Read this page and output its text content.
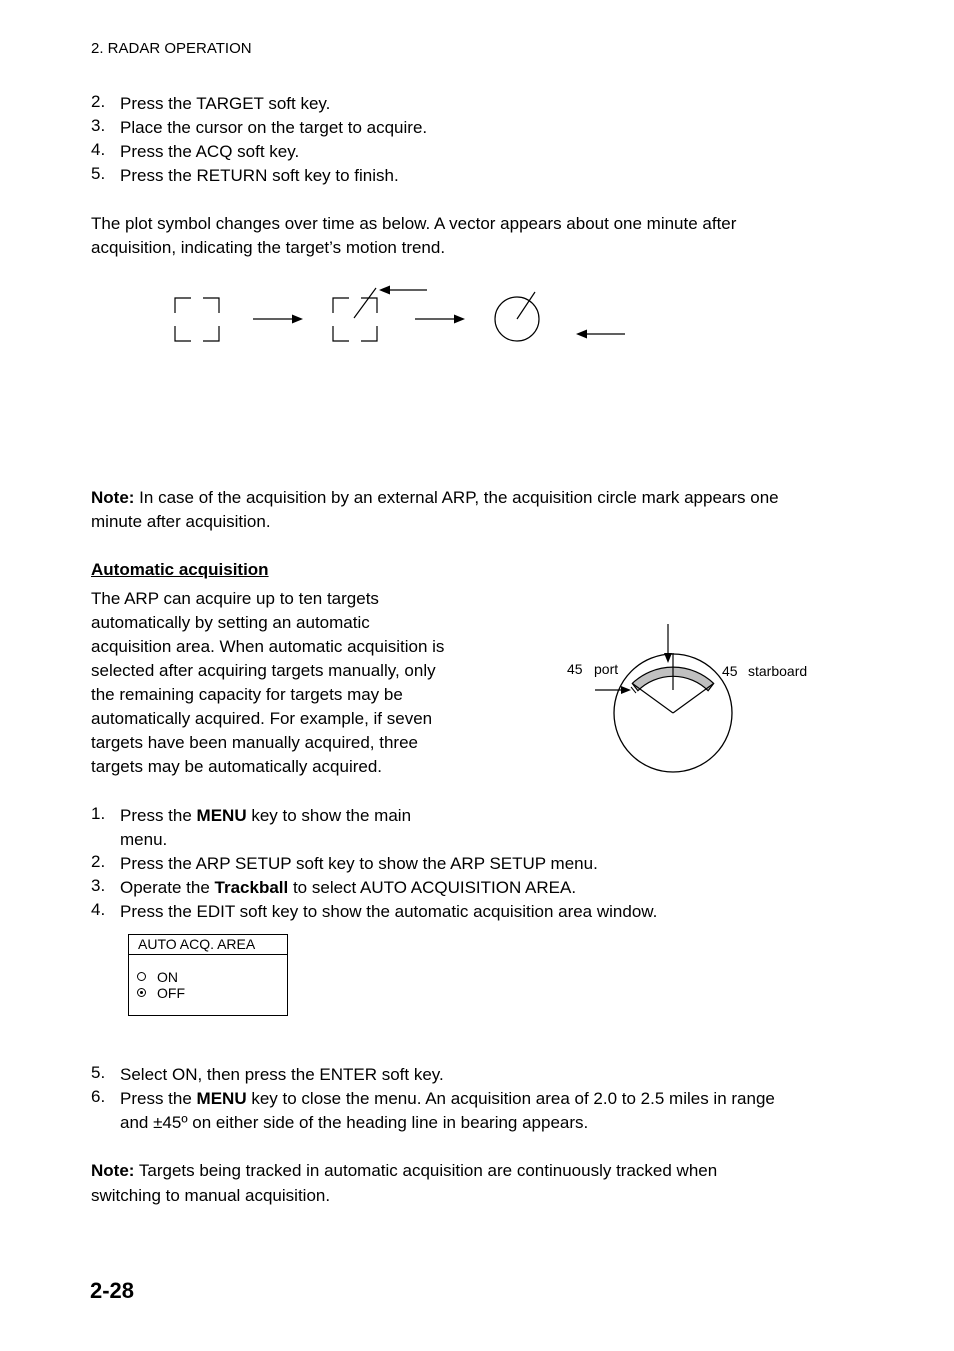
2. RADAR OPERATION
2. Press the TARGET soft key.
3. Place the cursor on the target to acquire.
4. Press the ACQ soft key.
5. Press the RETURN soft key to finish.
The plot symbol changes over time as below. A vector appears about one minute after
acquisition, indicating the target’s motion trend.
Note: In case of the acquisition by an external ARP, the acquisition circle mark appears one
minute after acquisition.
Automatic acquisition
The ARP can acquire up to ten targets
automatically by setting an automatic
acquisition area. When automatic acquisition is
selected after acquiring targets manually, only
the remaining capacity for targets may be
automatically acquired. For example, if seven
targets have been manually acquired, three
targets may be automatically acquired.
45 port	45 starboard
1. Press the MENU key to show the main
menu.
2. Press the ARP SETUP soft key to show the ARP SETUP menu.
3. Operate the Trackball to select AUTO ACQUISITION AREA.
4. Press the EDIT soft key to show the automatic acquisition area window.
AUTO ACQ. AREA
ON
OFF
5. Select ON, then press the ENTER soft key.
6. Press the MENU key to close the menu. An acquisition area of 2.0 to 2.5 miles in range
and ±45º on either side of the heading line in bearing appears.
Note: Targets being tracked in automatic acquisition are continuously tracked when
switching to manual acquisition.
2-28
